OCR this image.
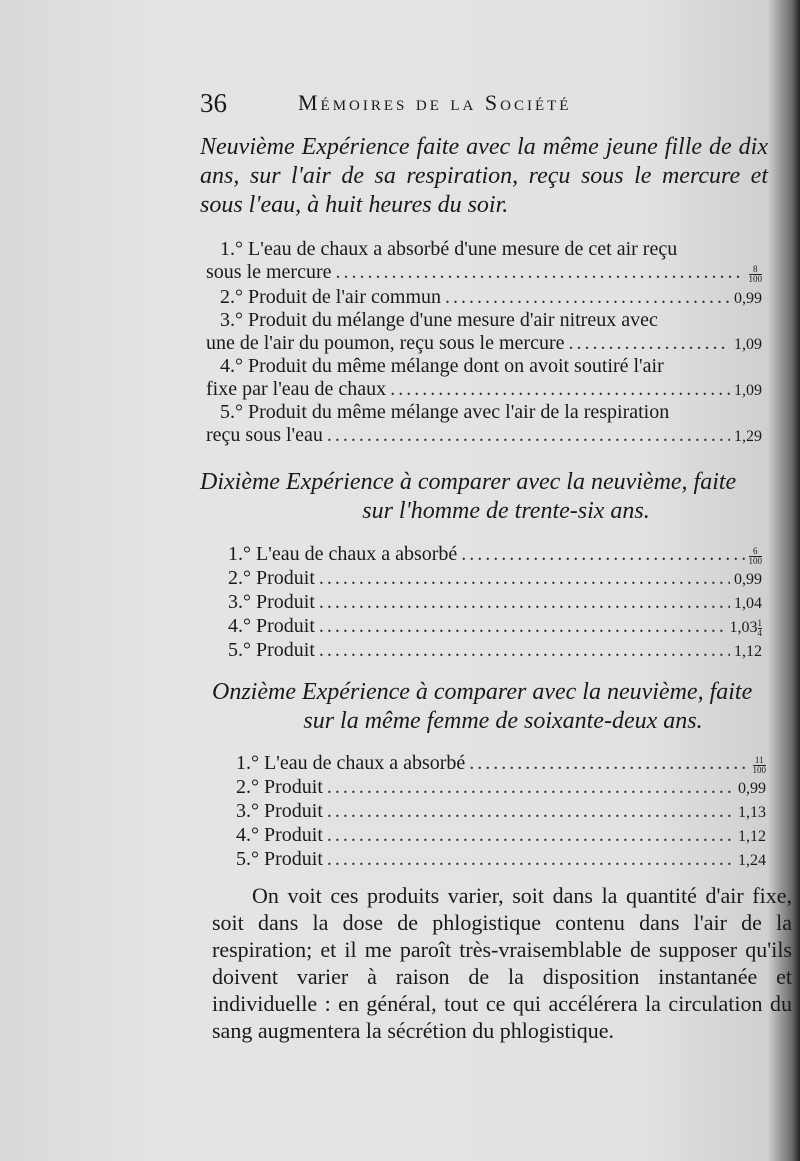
36	Mémoires de la Société
Neuvième Expérience faite avec la même jeune fille de dix ans, sur l'air de sa respiration, reçu sous le mercure et sous l'eau, à huit heures du soir.
1.° L'eau de chaux a absorbé d'une mesure de cet air reçu
sous le mercure .....	$\frac{8}{100}$
2.° Produit de l'air commun .....	0,99
3.° Produit du mélange d'une mesure d'air nitreux avec
une de l'air du poumon, reçu sous le mercure .....	1,09
4.° Produit du même mélange dont on avoit soutiré l'air
fixe par l'eau de chaux .....	1,09
5.° Produit du même mélange avec l'air de la respiration
reçu sous l'eau .....	1,29
Dixième Expérience à comparer avec la neuvième, faite
sur l'homme de trente-six ans.
1.° L'eau de chaux a absorbé .....	$\frac{6}{100}$
2.° Produit .....	0,99
3.° Produit .....	1,04
4.° Produit .....	$1,03 \frac{1}{4}$
5.° Produit .....	1,12
Onzième Expérience à comparer avec la neuvième, faite
sur la même femme de soixante-deux ans.
1.° L'eau de chaux a absorbé .....	$\frac{11}{100}$
2.° Produit .....	0,99
3.° Produit .....	1,13
4.° Produit .....	1,12
5.° Produit .....	1,24

On voit ces produits varier, soit dans la quantité d'air fixe, soit dans la dose de phlogistique contenu dans l'air de la respiration; et il me paroît très-vraisemblable de supposer qu'ils doivent varier à raison de la disposition instantanée et individuelle : en général, tout ce qui accélérera la circulation du sang augmentera la sécrétion du phlogistique.
